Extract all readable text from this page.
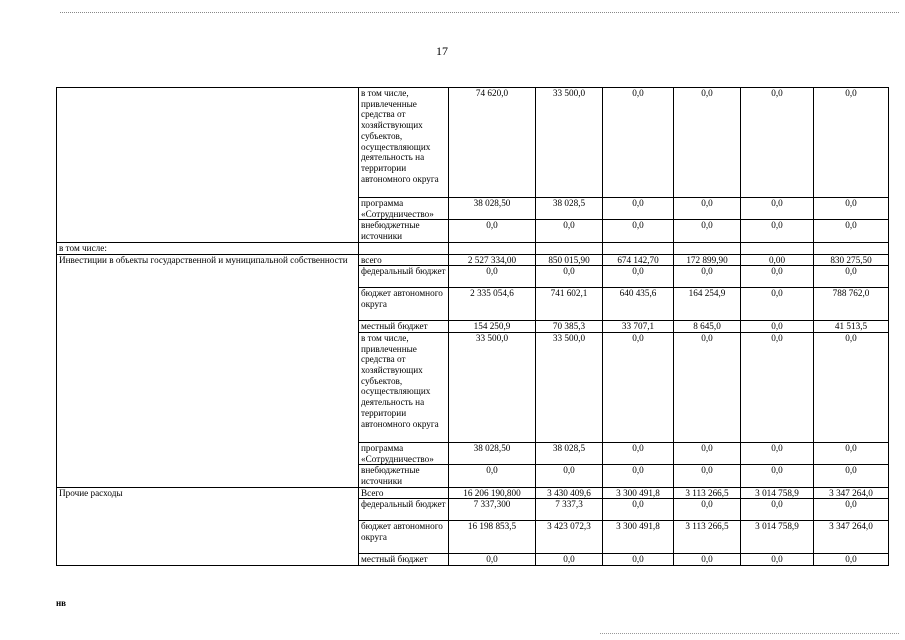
17
	в том числе, привлеченные средства от хозяйствующих субъектов, осуществляющих деятельность на территории автономного округа	74 620,0	33 500,0	0,0	0,0	0,0	0,0
	программа «Сотрудничество»	38 028,50	38 028,5	0,0	0,0	0,0	0,0
	внебюджетные источники	0,0	0,0	0,0	0,0	0,0	0,0
в том числе:							
Инвестиции в объекты государственной и муниципальной собственности	всего	2 527 334,00	850 015,90	674 142,70	172 899,90	0,00	830 275,50
	федеральный бюджет	0,0	0,0	0,0	0,0	0,0	0,0
	бюджет автономного округа	2 335 054,6	741 602,1	640 435,6	164 254,9	0,0	788 762,0
	местный бюджет	154 250,9	70 385,3	33 707,1	8 645,0	0,0	41 513,5
	в том числе, привлеченные средства от хозяйствующих субъектов, осуществляющих деятельность на территории автономного округа	33 500,0	33 500,0	0,0	0,0	0,0	0,0
	программа «Сотрудничество»	38 028,50	38 028,5	0,0	0,0	0,0	0,0
	внебюджетные источники	0,0	0,0	0,0	0,0	0,0	0,0
Прочие расходы	Всего	16 206 190,800	3 430 409,6	3 300 491,8	3 113 266,5	3 014 758,9	3 347 264,0
	федеральный бюджет	7 337,300	7 337,3	0,0	0,0	0,0	0,0
	бюджет автономного округа	16 198 853,5	3 423 072,3	3 300 491,8	3 113 266,5	3 014 758,9	3 347 264,0
	местный бюджет	0,0	0,0	0,0	0,0	0,0	0,0
нв
